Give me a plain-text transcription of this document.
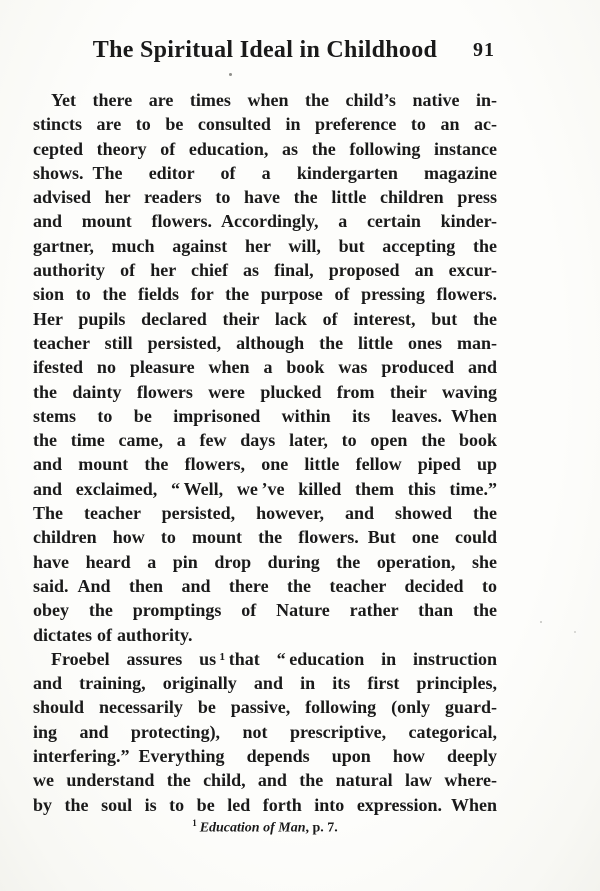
The Spiritual Ideal in Childhood	91
Yet there are times when the child’s native in-
stincts are to be consulted in preference to an ac-
cepted theory of education, as the following instance
shows. The editor of a kindergarten magazine
advised her readers to have the little children press
and mount flowers. Accordingly, a certain kinder-
gartner, much against her will, but accepting the
authority of her chief as final, proposed an excur-
sion to the fields for the purpose of pressing flowers.
Her pupils declared their lack of interest, but the
teacher still persisted, although the little ones man-
ifested no pleasure when a book was produced and
the dainty flowers were plucked from their waving
stems to be imprisoned within its leaves. When
the time came, a few days later, to open the book
and mount the flowers, one little fellow piped up
and exclaimed, “ Well, we ’ve killed them this time.”
The teacher persisted, however, and showed the
children how to mount the flowers. But one could
have heard a pin drop during the operation, she
said. And then and there the teacher decided to
obey the promptings of Nature rather than the
dictates of authority.
Froebel assures us ¹ that “ education in instruction
and training, originally and in its first principles,
should necessarily be passive, following (only guard-
ing and protecting), not prescriptive, categorical,
interfering.” Everything depends upon how deeply
we understand the child, and the natural law where-
by the soul is to be led forth into expression. When
$^1$ Education of Man, p. 7.
